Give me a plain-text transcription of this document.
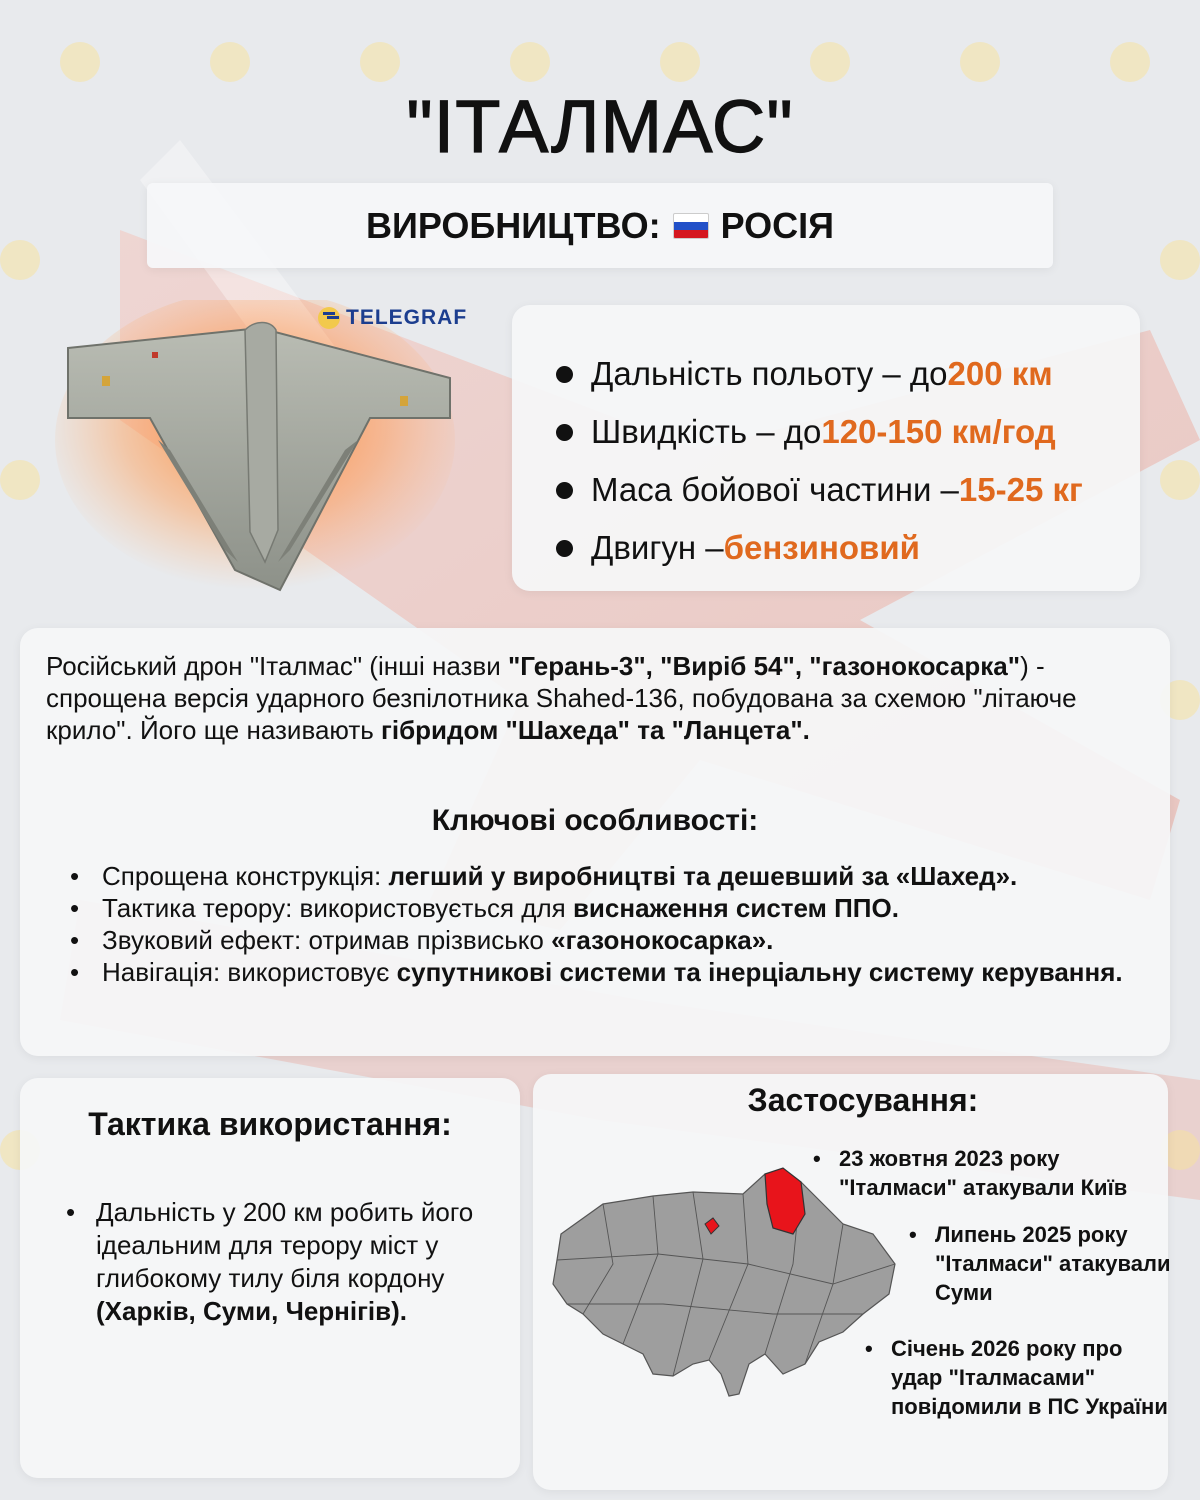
"ІТАЛМАС"
ВИРОБНИЦТВО: РОСІЯ
TELEGRAF
Дальність польоту – до 200 км
Швидкість – до 120-150 км/год
Маса бойової частини – 15-25 кг
Двигун – бензиновий

Російський дрон "Італмас" (інші назви "Герань-3", "Виріб 54", "газонокосарка") - спрощена версія ударного безпілотника Shahed-136, побудована за схемою "літаюче крило". Його ще називають гібридом "Шахеда" та "Ланцета".

Ключові особливості:
• Спрощена конструкція: легший у виробництві та дешевший за «Шахед».
• Тактика терору: використовується для виснаження систем ППО.
• Звуковий ефект: отримав прізвисько «газонокосарка».
• Навігація: використовує супутникові системи та інерціальну систему керування.
Тактика використання:
• Дальність у 200 км робить його ідеальним для терору міст у глибокому тилу біля кордону (Харків, Суми, Чернігів).
Застосування:
• 23 жовтня 2023 року "Італмаси" атакували Київ
• Липень 2025 року "Італмаси" атакували Суми
• Січень 2026 року про удар "Італмасами" повідомили в ПС України
